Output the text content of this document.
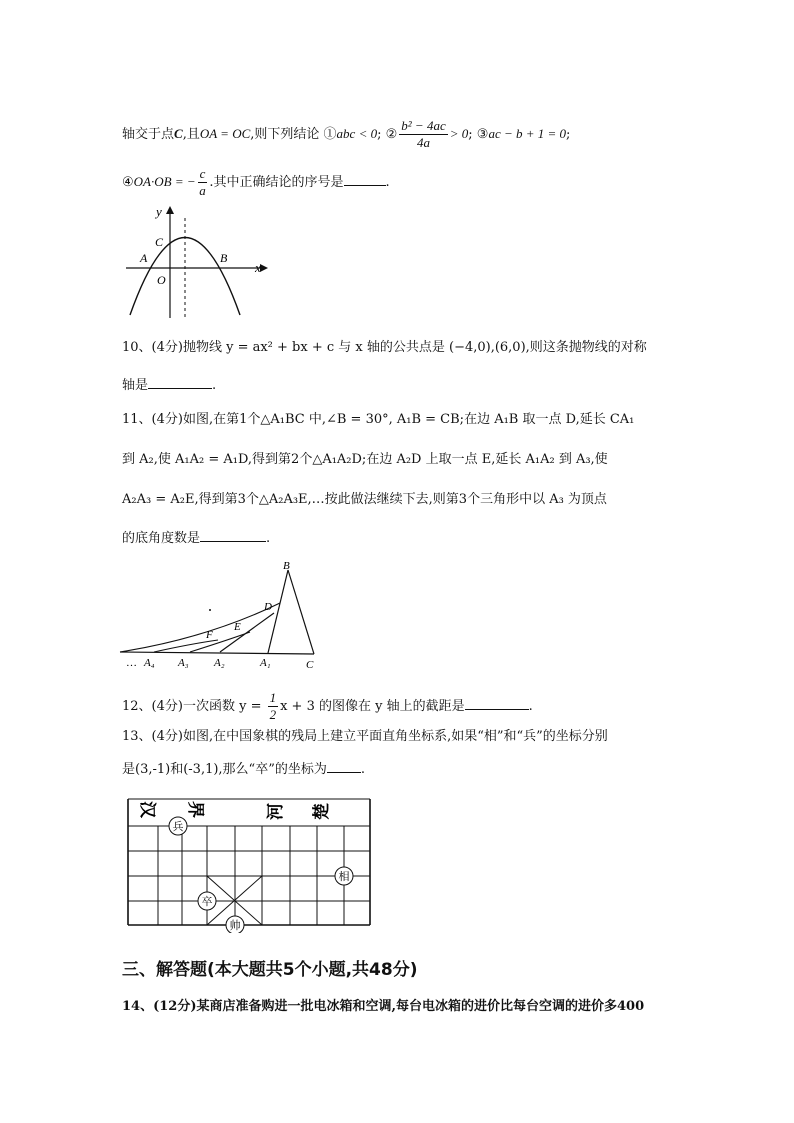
轴交于点C,且OA = OC,则下列结论 ①abc < 0; ② $\frac{\text{b² − 4ac}}{4a} > 0$; ③ac − b + 1 = 0;
④OA·OB = − $\frac{c}{a}$ .其中正确结论的序号是	.
y
x
C
A	B
O
10、(4分)抛物线 y = ax² + bx + c 与 x 轴的公共点是 (−4,0),(6,0),则这条抛物线的对称
轴是	.
11、(4分)如图,在第1个△A₁BC 中,∠B = 30°, A₁B = CB;在边 A₁B 取一点 D,延长 CA₁
到 A₂,使 A₁A₂ = A₁D,得到第2个△A₁A₂D;在边 A₂D 上取一点 E,延长 A₁A₂ 到 A₃,使
A₂A₃ = A₂E,得到第3个△A₂A₃E,…按此做法继续下去,则第3个三角形中以 A₃ 为顶点
的底角度数是	.
B
D
E
F
… A₄ A₃ A₂	A₁	C
12、(4分)一次函数 $y = \frac{1}{2}$ x + 3 的图像在 y 轴上的截距是	.
13、(4分)如图,在中国象棋的残局上建立平面直角坐标系,如果“相”和“兵”的坐标分别
是(3,-1)和(-3,1),那么“卒”的坐标为	.
汉 界	河 楚
兵
相
卒
帅
三、解答题(本大题共5个小题,共48分)
14、(12分)某商店准备购进一批电冰箱和空调,每台电冰箱的进价比每台空调的进价多400
